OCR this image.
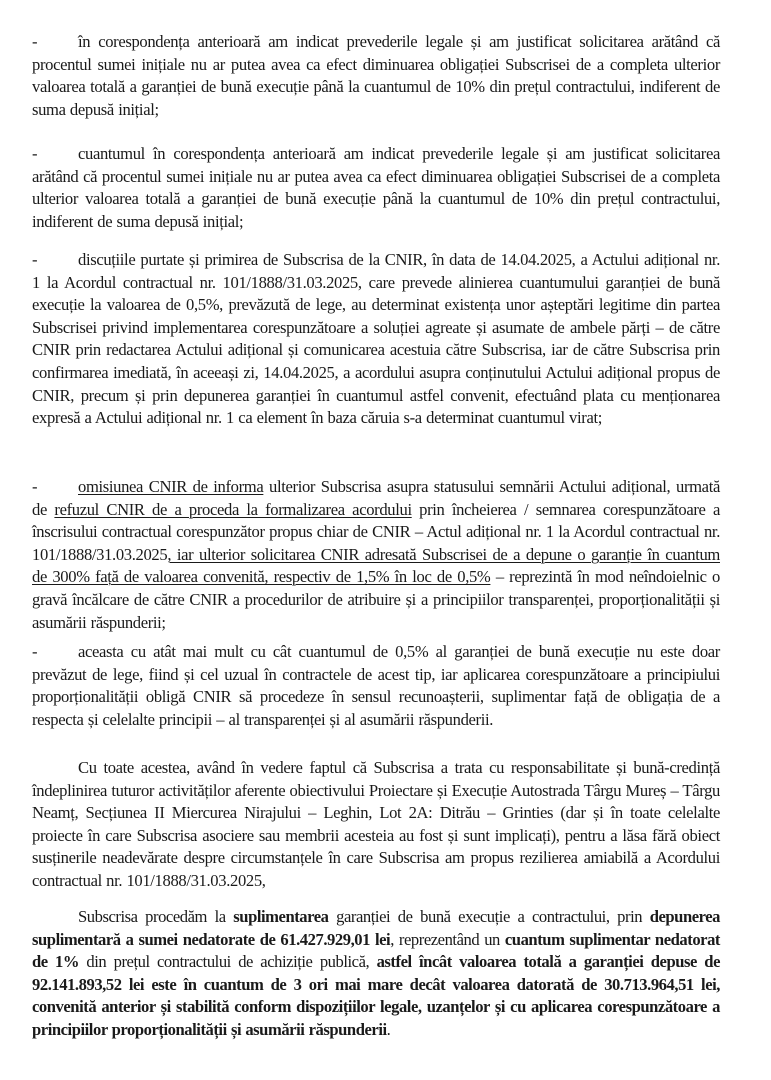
- în corespondența anterioară am indicat prevederile legale și am justificat solicitarea arătând că procentul sumei inițiale nu ar putea avea ca efect diminuarea obligației Subscrisei de a completa ulterior valoarea totală a garanției de bună execuție până la cuantumul de 10% din prețul contractului, indiferent de suma depusă inițial;
- cuantumul în corespondența anterioară am indicat prevederile legale și am justificat solicitarea arătând că procentul sumei inițiale nu ar putea avea ca efect diminuarea obligației Subscrisei de a completa ulterior valoarea totală a garanției de bună execuție până la cuantumul de 10% din prețul contractului, indiferent de suma depusă inițial;
- discuțiile purtate și primirea de Subscrisa de la CNIR, în data de 14.04.2025, a Actului adițional nr. 1 la Acordul contractual nr. 101/1888/31.03.2025, care prevede alinierea cuantumului garanției de bună execuție la valoarea de 0,5%, prevăzută de lege, au determinat existența unor așteptări legitime din partea Subscrisei privind implementarea corespunzătoare a soluției agreate și asumate de ambele părți – de către CNIR prin redactarea Actului adițional și comunicarea acestuia către Subscrisa, iar de către Subscrisa prin confirmarea imediată, în aceeași zi, 14.04.2025, a acordului asupra conținutului Actului adițional propus de CNIR, precum și prin depunerea garanției în cuantumul astfel convenit, efectuând plata cu menționarea expresă a Actului adițional nr. 1 ca element în baza căruia s-a determinat cuantumul virat;
- omisiunea CNIR de informa ulterior Subscrisa asupra statusului semnării Actului adițional, urmată de refuzul CNIR de a proceda la formalizarea acordului prin încheierea / semnarea corespunzătoare a înscrisului contractual corespunzător propus chiar de CNIR – Actul adițional nr. 1 la Acordul contractual nr. 101/1888/31.03.2025, iar ulterior solicitarea CNIR adresată Subscrisei de a depune o garanție în cuantum de 300% față de valoarea convenită, respectiv de 1,5% în loc de 0,5% – reprezintă în mod neîndoielnic o gravă încălcare de către CNIR a procedurilor de atribuire și a principiilor transparenței, proporționalității și asumării răspunderii;
- aceasta cu atât mai mult cu cât cuantumul de 0,5% al garanției de bună execuție nu este doar prevăzut de lege, fiind și cel uzual în contractele de acest tip, iar aplicarea corespunzătoare a principiului proporționalității obligă CNIR să procedeze în sensul recunoașterii, suplimentar față de obligația de a respecta și celelalte principii – al transparenței și al asumării răspunderii.
Cu toate acestea, având în vedere faptul că Subscrisa a trata cu responsabilitate și bună-credință îndeplinirea tuturor activităților aferente obiectivului Proiectare și Execuție Autostrada Târgu Mureș – Târgu Neamț, Secțiunea II Miercurea Nirajului – Leghin, Lot 2A: Ditrău – Grinties (dar și în toate celelalte proiecte în care Subscrisa asociere sau membrii acesteia au fost și sunt implicați), pentru a lăsa fără obiect susținerile neadevărate despre circumstanțele în care Subscrisa am propus rezilierea amiabilă a Acordului contractual nr. 101/1888/31.03.2025,
Subscrisa procedăm la suplimentarea garanției de bună execuție a contractului, prin depunerea suplimentară a sumei nedatorate de 61.427.929,01 lei, reprezentând un cuantum suplimentar nedatorat de 1% din prețul contractului de achiziție publică, astfel încât valoarea totală a garanției depuse de 92.141.893,52 lei este în cuantum de 3 ori mai mare decât valoarea datorată de 30.713.964,51 lei, convenită anterior și stabilită conform dispozițiilor legale, uzanțelor și cu aplicarea corespunzătoare a principiilor proporționalității și asumării răspunderii.
